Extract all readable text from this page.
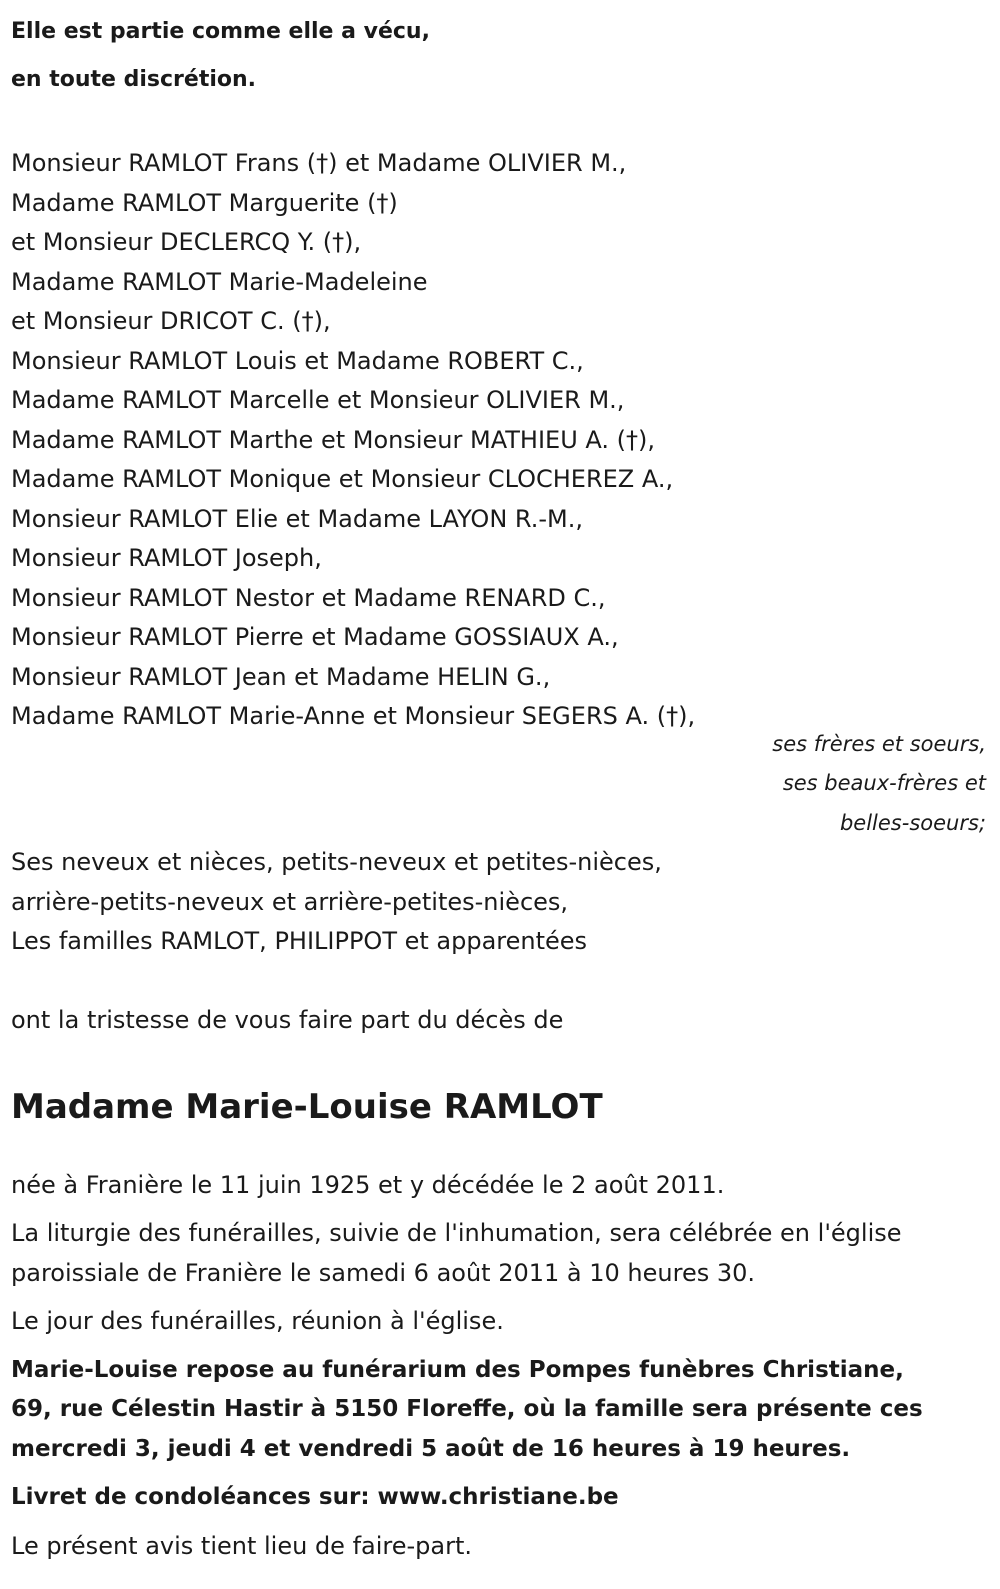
Elle est partie comme elle a vécu,
en toute discrétion.
Monsieur RAMLOT Frans (†) et Madame OLIVIER M.,
Madame RAMLOT Marguerite (†)
et Monsieur DECLERCQ Y. (†),
Madame RAMLOT Marie-Madeleine
et Monsieur DRICOT C. (†),
Monsieur RAMLOT Louis et Madame ROBERT C.,
Madame RAMLOT Marcelle et Monsieur OLIVIER M.,
Madame RAMLOT Marthe et Monsieur MATHIEU A. (†),
Madame RAMLOT Monique et Monsieur CLOCHEREZ A.,
Monsieur RAMLOT Elie et Madame LAYON R.-M.,
Monsieur RAMLOT Joseph,
Monsieur RAMLOT Nestor et Madame RENARD C.,
Monsieur RAMLOT Pierre et Madame GOSSIAUX A.,
Monsieur RAMLOT Jean et Madame HELIN G.,
Madame RAMLOT Marie-Anne et Monsieur SEGERS A. (†),
ses frères et soeurs,
ses beaux-frères et
belles-soeurs;
Ses neveux et nièces, petits-neveux et petites-nièces,
arrière-petits-neveux et arrière-petites-nièces,
Les familles RAMLOT, PHILIPPOT et apparentées
ont la tristesse de vous faire part du décès de
Madame Marie-Louise RAMLOT
née à Franière le 11 juin 1925 et y décédée le 2 août 2011.
La liturgie des funérailles, suivie de l'inhumation, sera célébrée en l'église
paroissiale de Franière le samedi 6 août 2011 à 10 heures 30.
Le jour des funérailles, réunion à l'église.
Marie-Louise repose au funérarium des Pompes funèbres Christiane,
69, rue Célestin Hastir à 5150 Floreffe, où la famille sera présente ces
mercredi 3, jeudi 4 et vendredi 5 août de 16 heures à 19 heures.
Livret de condoléances sur: www.christiane.be
Le présent avis tient lieu de faire-part.
